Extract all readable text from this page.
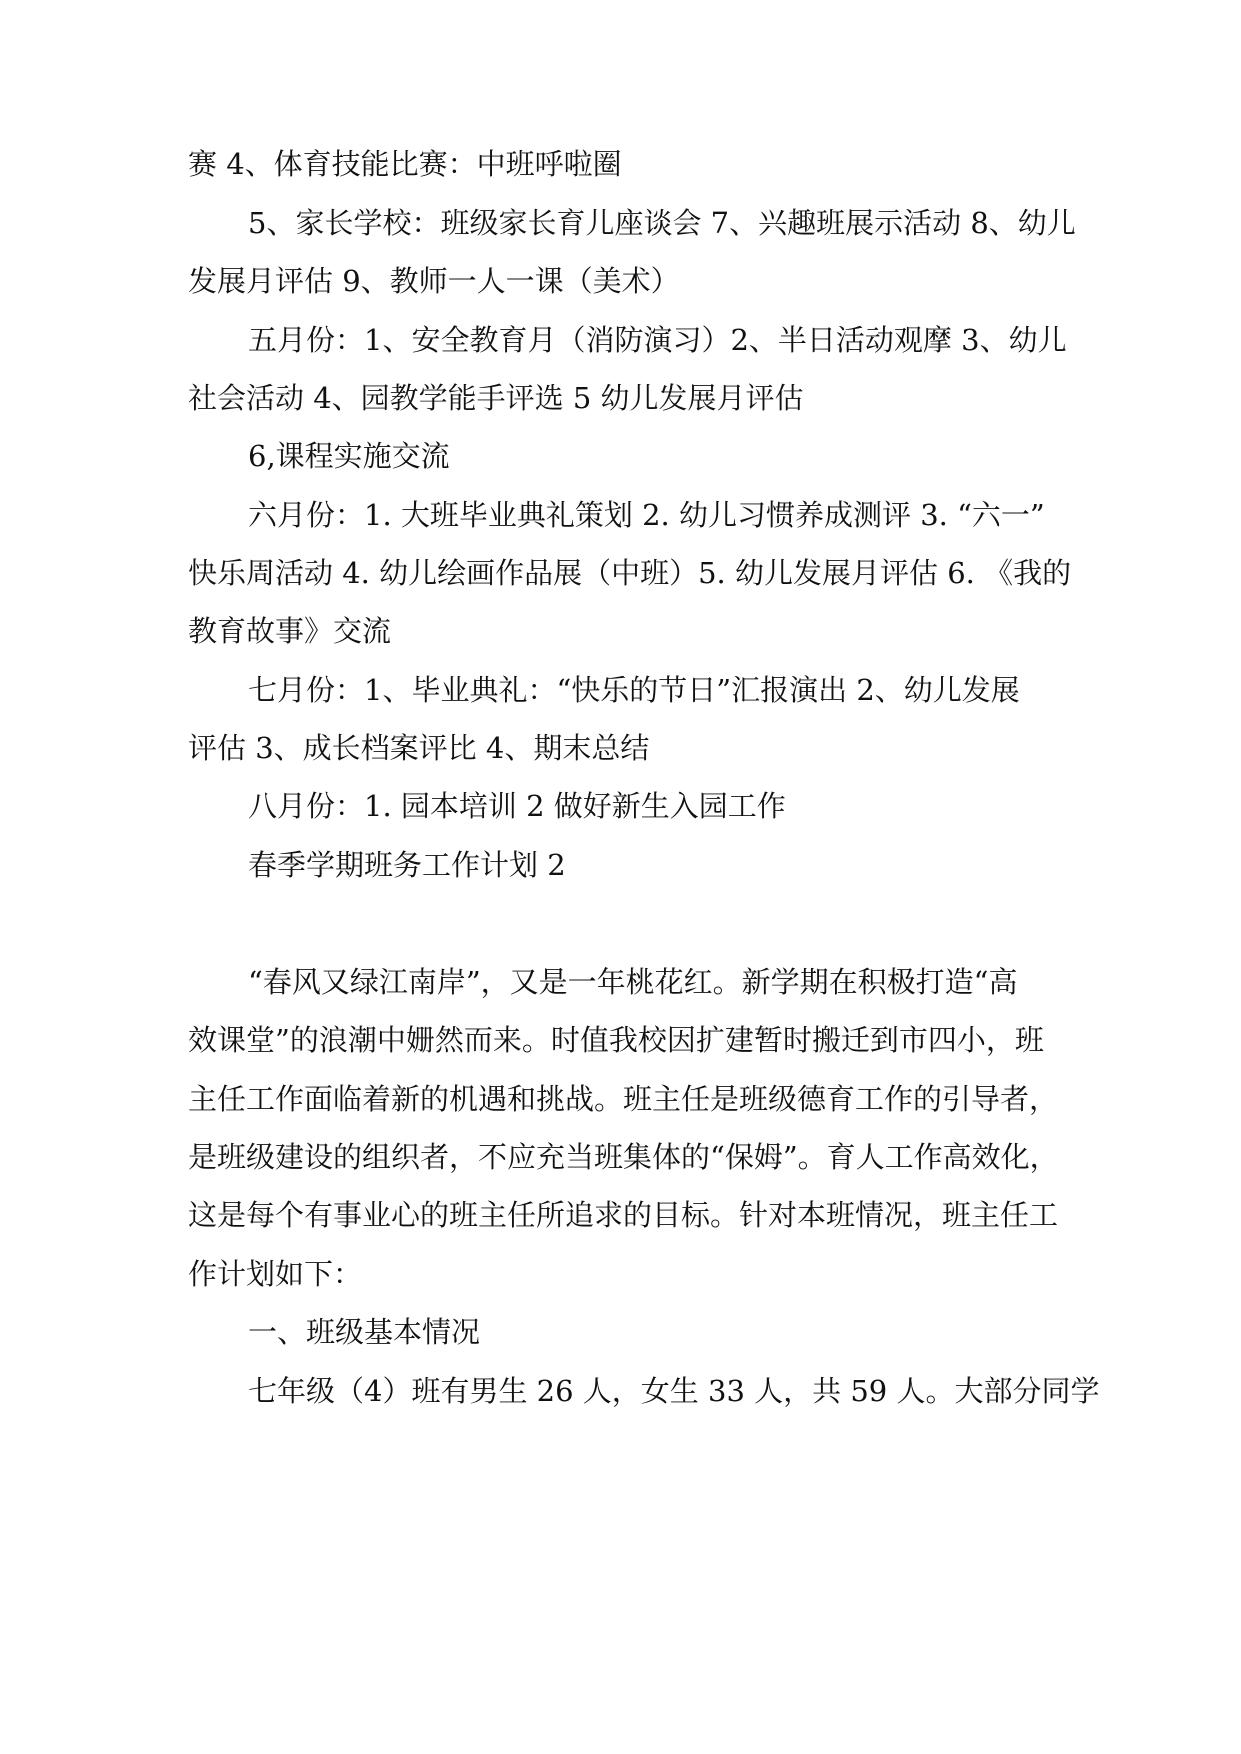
赛 4、体育技能比赛：中班呼啦圈
5、家长学校：班级家长育儿座谈会 7、兴趣班展示活动 8、幼儿
发展月评估 9、教师一人一课（美术）
五月份：1、安全教育月（消防演习）2、半日活动观摩 3、幼儿
社会活动 4、园教学能手评选 5 幼儿发展月评估
6,课程实施交流
六月份：1. 大班毕业典礼策划 2. 幼儿习惯养成测评 3. “六一”
快乐周活动 4. 幼儿绘画作品展（中班）5. 幼儿发展月评估 6. 《我的
教育故事》交流
七月份：1、毕业典礼：“快乐的节日”汇报演出 2、幼儿发展
评估 3、成长档案评比 4、期末总结
八月份：1. 园本培训 2 做好新生入园工作
春季学期班务工作计划 2
“春风又绿江南岸”，又是一年桃花红。新学期在积极打造“高
效课堂”的浪潮中姗然而来。时值我校因扩建暂时搬迁到市四小，班
主任工作面临着新的机遇和挑战。班主任是班级德育工作的引导者，
是班级建设的组织者，不应充当班集体的“保姆”。育人工作高效化，
这是每个有事业心的班主任所追求的目标。针对本班情况，班主任工
作计划如下：
一、班级基本情况
七年级（4）班有男生 26 人，女生 33 人，共 59 人。大部分同学
